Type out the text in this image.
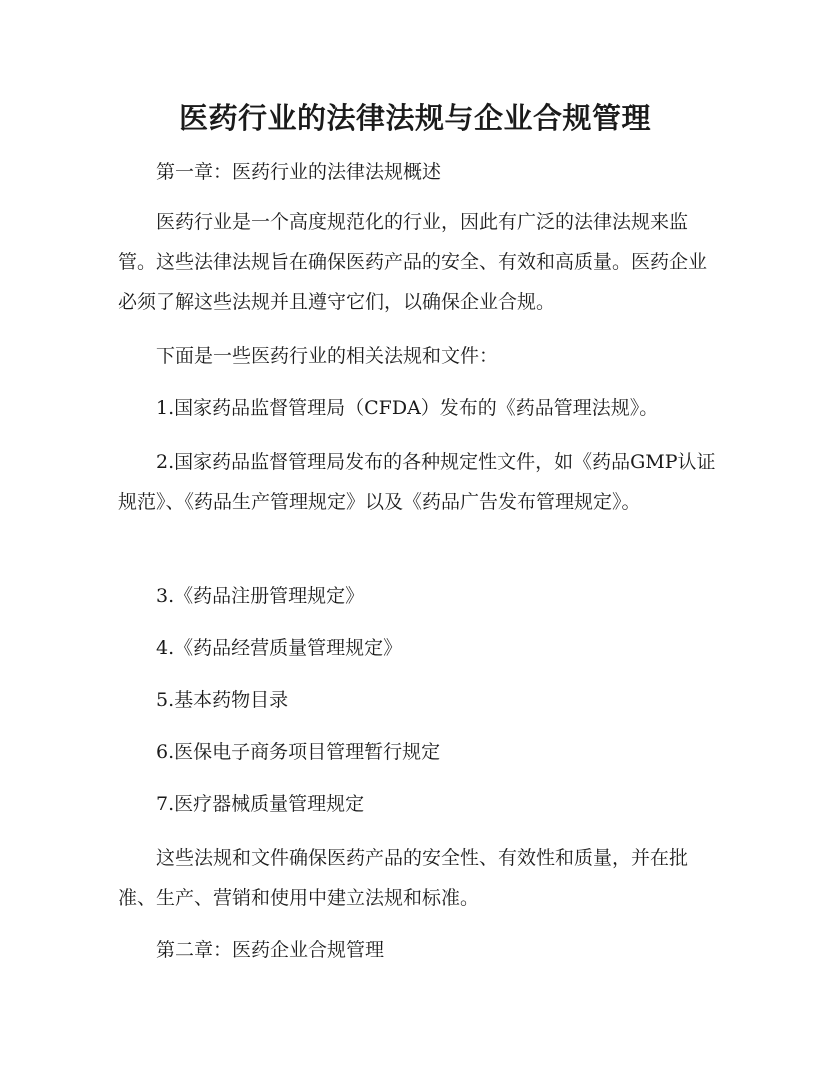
医药行业的法律法规与企业合规管理

第一章：医药行业的法律法规概述

医药行业是一个高度规范化的行业，因此有广泛的法律法规来监管。这些法律法规旨在确保医药产品的安全、有效和高质量。医药企业必须了解这些法规并且遵守它们，以确保企业合规。

下面是一些医药行业的相关法规和文件：

1.国家药品监督管理局（CFDA）发布的《药品管理法规》。

2.国家药品监督管理局发布的各种规定性文件，如《药品GMP认证规范》、《药品生产管理规定》以及《药品广告发布管理规定》。

3.《药品注册管理规定》

4.《药品经营质量管理规定》

5.基本药物目录

6.医保电子商务项目管理暂行规定

7.医疗器械质量管理规定

这些法规和文件确保医药产品的安全性、有效性和质量，并在批准、生产、营销和使用中建立法规和标准。

第二章：医药企业合规管理
